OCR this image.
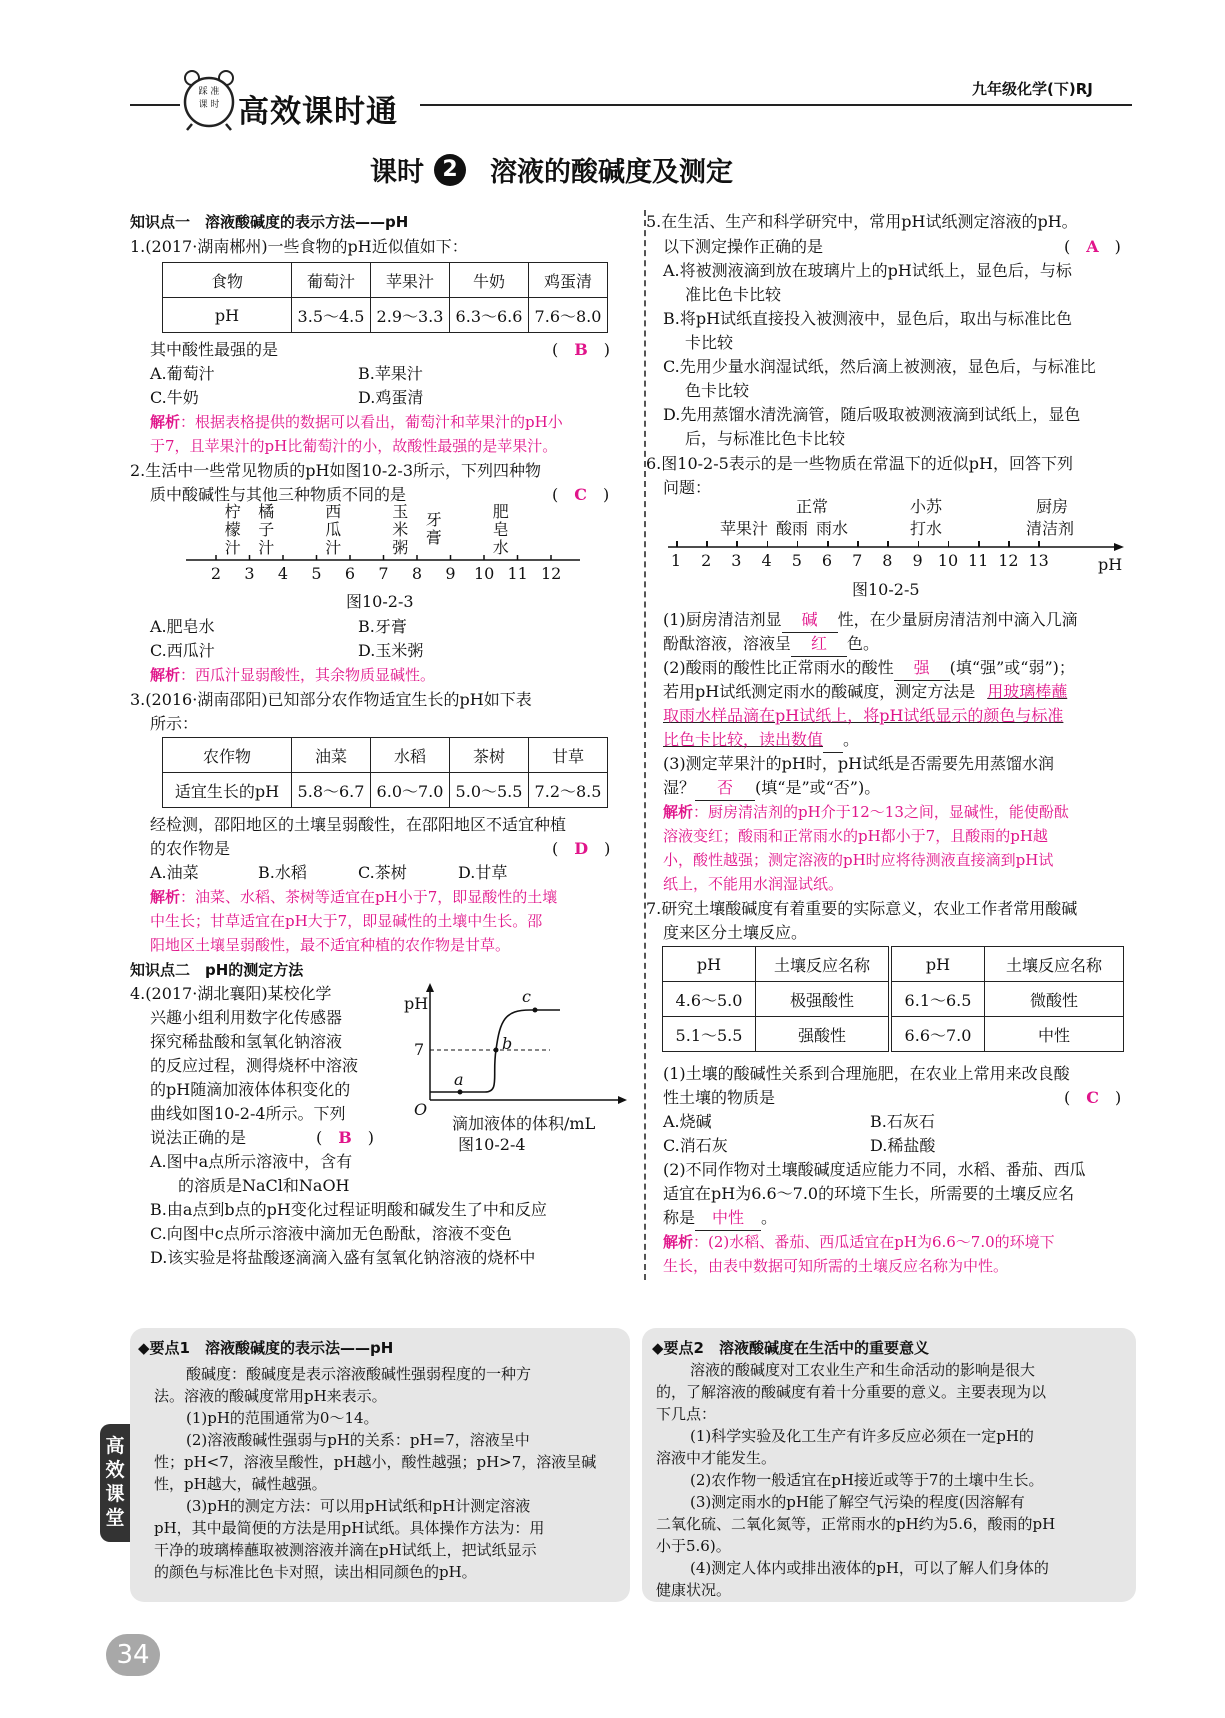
踩 准 课 时 高效课时通
九年级化学(下)RJ
课时 2	溶液的酸碱度及测定
知识点一　溶液酸碱度的表示方法——pH
1.(2017·湖南郴州)一些食物的pH近似值如下：
食物	葡萄汁	苹果汁	牛奶	鸡蛋清
pH	3.5～4.5	2.9～3.3	6.3～6.6	7.6～8.0
其中酸性最强的是	(　B　)
A.葡萄汁	B.苹果汁
C.牛奶	D.鸡蛋清
解析：根据表格提供的数据可以看出，葡萄汁和苹果汁的pH小
于7，且苹果汁的pH比葡萄汁的小，故酸性最强的是苹果汁。
2.生活中一些常见物质的pH如图10-2-3所示，下列四种物
质中酸碱性与其他三种物质不同的是	(　C　)
2	3	4	5	6	7	8	9	10 11 12
柠檬汁
橘子汁
西瓜汁
玉米粥
牙膏
肥皂水
图10-2-3
A.肥皂水	B.牙膏
C.西瓜汁	D.玉米粥
解析：西瓜汁显弱酸性，其余物质显碱性。
3.(2016·湖南邵阳)已知部分农作物适宜生长的pH如下表
所示：
农作物	油菜	水稻	茶树	甘草
适宜生长的pH	5.8～6.7	6.0～7.0	5.0～5.5	7.2～8.5
经检测，邵阳地区的土壤呈弱酸性，在邵阳地区不适宜种植
的农作物是	(　D　)
A.油菜	B.水稻	C.茶树	D.甘草
解析：油菜、水稻、茶树等适宜在pH小于7，即显酸性的土壤
中生长；甘草适宜在pH大于7，即显碱性的土壤中生长。邵
阳地区土壤呈弱酸性，最不适宜种植的农作物是甘草。
知识点二　pH的测定方法
4.(2017·湖北襄阳)某校化学
兴趣小组利用数字化传感器
探究稀盐酸和氢氧化钠溶液
的反应过程，测得烧杯中溶液
的pH随滴加液体体积变化的
曲线如图10-2-4所示。下列
说法正确的是	(　B　)
A.图中a点所示溶液中，含有
的溶质是NaCl和NaOH
B.由a点到b点的pH变化过程证明酸和碱发生了中和反应
C.向图中c点所示溶液中滴加无色酚酞，溶液不变色
D.该实验是将盐酸逐滴滴入盛有氢氧化钠溶液的烧杯中
pH
7
O
a
b
c
滴加液体的体积/mL
图10-2-4
5.在生活、生产和科学研究中，常用pH试纸测定溶液的pH。
以下测定操作正确的是	(　A　)
A.将被测液滴到放在玻璃片上的pH试纸上，显色后，与标
准比色卡比较
B.将pH试纸直接投入被测液中，显色后，取出与标准比色
卡比较
C.先用少量水润湿试纸，然后滴上被测液，显色后，与标准比
色卡比较
D.先用蒸馏水清洗滴管，随后吸取被测液滴到试纸上，显色
后，与标准比色卡比较
6.图10-2-5表示的是一些物质在常温下的近似pH，回答下列
问题：
正常	小苏	厨房
苹果汁 酸雨 雨水	打水	清洁剂
1	2	3	4	5	6	7	8	9 10 11 12 13	pH
图10-2-5
(1)厨房清洁剂显 碱 性，在少量厨房清洁剂中滴入几滴
酚酞溶液，溶液呈 红 色。
(2)酸雨的酸性比正常雨水的酸性 强 (填“强”或“弱”)；
若用pH试纸测定雨水的酸碱度，测定方法是 用玻璃棒蘸
取雨水样品滴在pH试纸上，将pH试纸显示的颜色与标准
比色卡比较，读出数值 。
(3)测定苹果汁的pH时，pH试纸是否需要先用蒸馏水润
湿？ 否 (填“是”或“否”)。
解析：厨房清洁剂的pH介于12～13之间，显碱性，能使酚酞
溶液变红；酸雨和正常雨水的pH都小于7，且酸雨的pH越
小，酸性越强；测定溶液的pH时应将待测液直接滴到pH试
纸上，不能用水润湿试纸。
7.研究土壤酸碱度有着重要的实际意义，农业工作者常用酸碱
度来区分土壤反应。
pH	土壤反应名称	pH	土壤反应名称
4.6～5.0	极强酸性	6.1～6.5	微酸性
5.1～5.5	强酸性	6.6～7.0	中性
(1)土壤的酸碱性关系到合理施肥，在农业上常用来改良酸
性土壤的物质是	(　C　)
A.烧碱	B.石灰石
C.消石灰	D.稀盐酸
(2)不同作物对土壤酸碱度适应能力不同，水稻、番茄、西瓜
适宜在pH为6.6～7.0的环境下生长，所需要的土壤反应名
称是 中性 。
解析：(2)水稻、番茄、西瓜适宜在pH为6.6～7.0的环境下
生长，由表中数据可知所需的土壤反应名称为中性。
◆要点1　溶液酸碱度的表示法——pH
酸碱度：酸碱度是表示溶液酸碱性强弱程度的一种方
法。溶液的酸碱度常用pH来表示。
(1)pH的范围通常为0～14。
(2)溶液酸碱性强弱与pH的关系：pH=7，溶液呈中
性；pH<7，溶液呈酸性，pH越小，酸性越强；pH>7，溶液呈碱
性，pH越大，碱性越强。
(3)pH的测定方法：可以用pH试纸和pH计测定溶液
pH，其中最简便的方法是用pH试纸。具体操作方法为：用
干净的玻璃棒蘸取被测溶液并滴在pH试纸上，把试纸显示
的颜色与标准比色卡对照，读出相同颜色的pH。
◆要点2　溶液酸碱度在生活中的重要意义
溶液的酸碱度对工农业生产和生命活动的影响是很大
的，了解溶液的酸碱度有着十分重要的意义。主要表现为以
下几点：
(1)科学实验及化工生产有许多反应必须在一定pH的
溶液中才能发生。
(2)农作物一般适宜在pH接近或等于7的土壤中生长。
(3)测定雨水的pH能了解空气污染的程度(因溶解有
二氧化硫、二氧化氮等，正常雨水的pH约为5.6，酸雨的pH
小于5.6)。
(4)测定人体内或排出液体的pH，可以了解人们身体的
健康状况。
高效课堂
34
